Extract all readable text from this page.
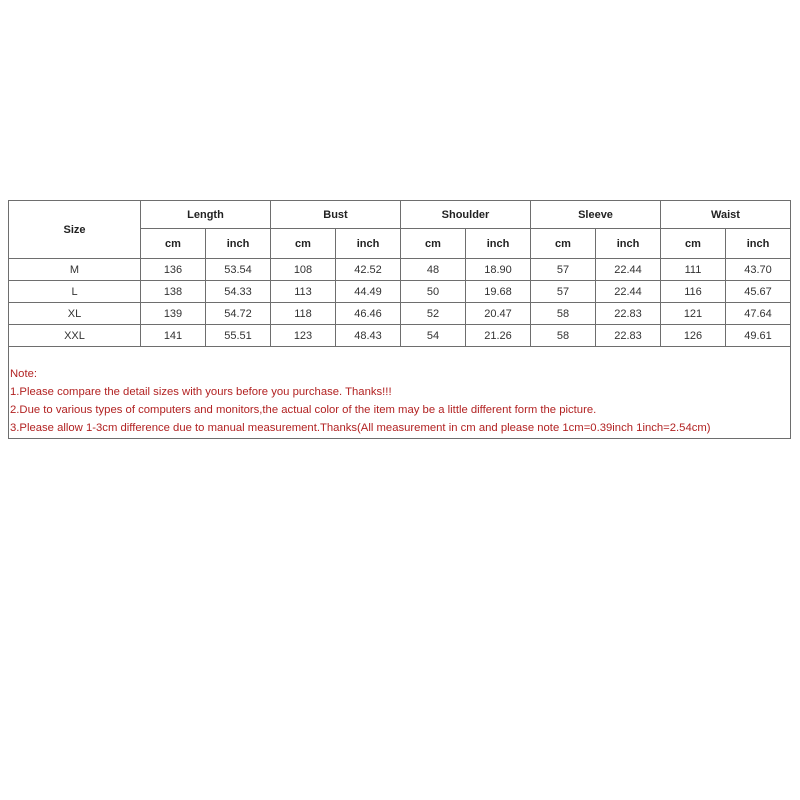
Size	Length		Bust		Shoulder		Sleeve		Waist	
	cm	inch	cm	inch	cm	inch	cm	inch	cm	inch
M	136	53.54	108	42.52	48	18.90	57	22.44	111	43.70
L	138	54.33	113	44.49	50	19.68	57	22.44	116	45.67
XL	139	54.72	118	46.46	52	20.47	58	22.83	121	47.64
XXL	141	55.51	123	48.43	54	21.26	58	22.83	126	49.61
Note:
1.Please compare the detail sizes with yours before you purchase. Thanks!!!
2.Due to various types of computers and monitors,the actual color of the item may be a little different form the picture.
3.Please allow 1-3cm difference due to manual measurement.Thanks(All measurement in cm and please note 1cm=0.39inch 1inch=2.54cm)
